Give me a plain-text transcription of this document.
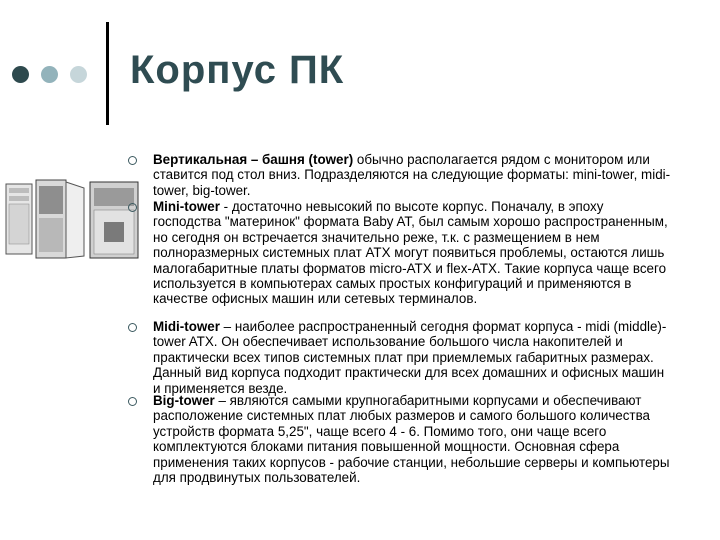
Корпус ПК
Вертикальная – башня (tower) обычно располагается рядом с монитором или ставится под стол вниз. Подразделяются на следующие форматы: mini-tower, midi-tower, big-tower.
Mini-tower - достаточно невысокий по высоте корпус. Поначалу, в эпоху господства "материнок" формата Baby AT, был самым хорошо распространенным, но сегодня он встречается значительно реже, т.к. с размещением в нем полноразмерных системных плат ATX могут появиться проблемы, остаются лишь малогабаритные платы форматов micro-ATX и flex-ATX. Такие корпуса чаще всего используется в компьютерах самых простых конфигураций и применяются в качестве офисных машин или сетевых терминалов.
Midi-tower – наиболее распространенный сегодня формат корпуса - midi (middle)-tower ATX. Он обеспечивает использование большого числа накопителей и практически всех типов системных плат при приемлемых габаритных размерах. Данный вид корпуса подходит практически для всех домашних и офисных машин и применяется везде.
Big-tower – являются самыми крупногабаритными корпусами и обеспечивают расположение системных плат любых размеров и самого большого количества устройств формата 5,25", чаще всего 4 - 6. Помимо того, они чаще всего комплектуются блоками питания повышенной мощности. Основная сфера применения таких корпусов - рабочие станции, небольшие серверы и компьютеры для продвинутых пользователей.
